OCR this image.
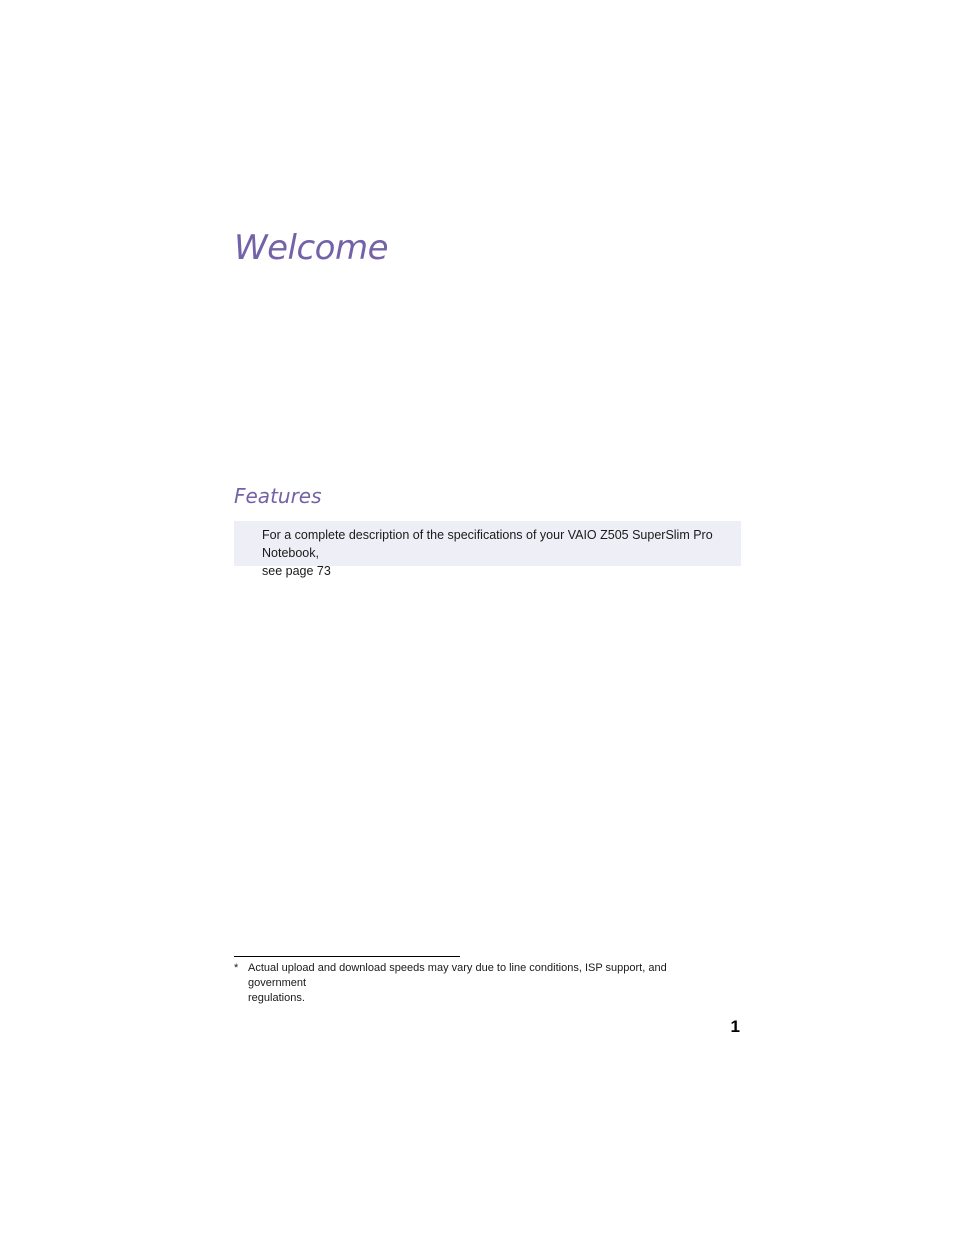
Welcome
Features

For a complete description of the specifications of your VAIO Z505 SuperSlim Pro Notebook,
see page 73

* Actual upload and download speeds may vary due to line conditions, ISP support, and government
regulations.
1
